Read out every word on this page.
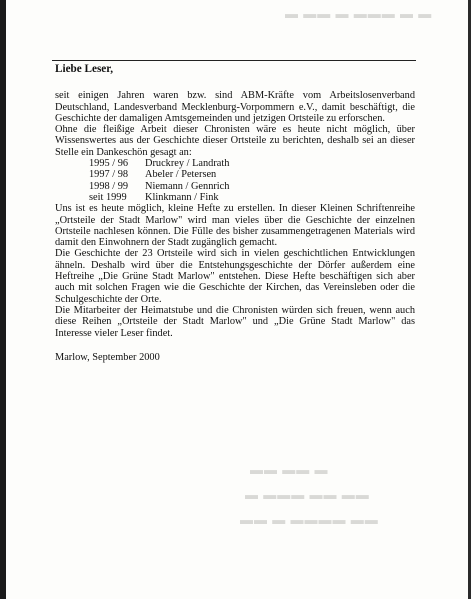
▬ ▬▬ ▬ ▬▬▬ ▬ ▬
▬▬ ▬▬ ▬
▬ ▬▬▬ ▬▬ ▬▬
▬▬ ▬ ▬▬▬▬ ▬▬
Liebe Leser,

seit einigen Jahren waren bzw. sind ABM-Kräfte vom Arbeitslosenverband Deutschland, Landesverband Mecklenburg-Vorpommern e.V., damit beschäftigt, die Geschichte der damaligen Amtsgemeinden und jetzigen Ortsteile zu erforschen.

Ohne die fleißige Arbeit dieser Chronisten wäre es heute nicht möglich, über Wissenswertes aus der Geschichte dieser Ortsteile zu berichten, deshalb sei an dieser Stelle ein Dankeschön gesagt an:

1995 / 96	Druckrey / Landrath
1997 / 98	Abeler / Petersen
1998 / 99	Niemann / Gennrich
seit 1999	Klinkmann / Fink

Uns ist es heute möglich, kleine Hefte zu erstellen. In dieser Kleinen Schriftenreihe „Ortsteile der Stadt Marlow" wird man vieles über die Geschichte der einzelnen Ortsteile nachlesen können. Die Fülle des bisher zusammengetragenen Materials wird damit den Einwohnern der Stadt zugänglich gemacht.

Die Geschichte der 23 Ortsteile wird sich in vielen geschichtlichen Entwicklungen ähneln. Deshalb wird über die Entstehungsgeschichte der Dörfer außerdem eine Heftreihe „Die Grüne Stadt Marlow" entstehen. Diese Hefte beschäftigen sich aber auch mit solchen Fragen wie die Geschichte der Kirchen, das Vereinsleben oder die Schulgeschichte der Orte.

Die Mitarbeiter der Heimatstube und die Chronisten würden sich freuen, wenn auch diese Reihen „Ortsteile der Stadt Marlow" und „Die Grüne Stadt Marlow" das Interesse vieler Leser findet.

Marlow, September 2000
